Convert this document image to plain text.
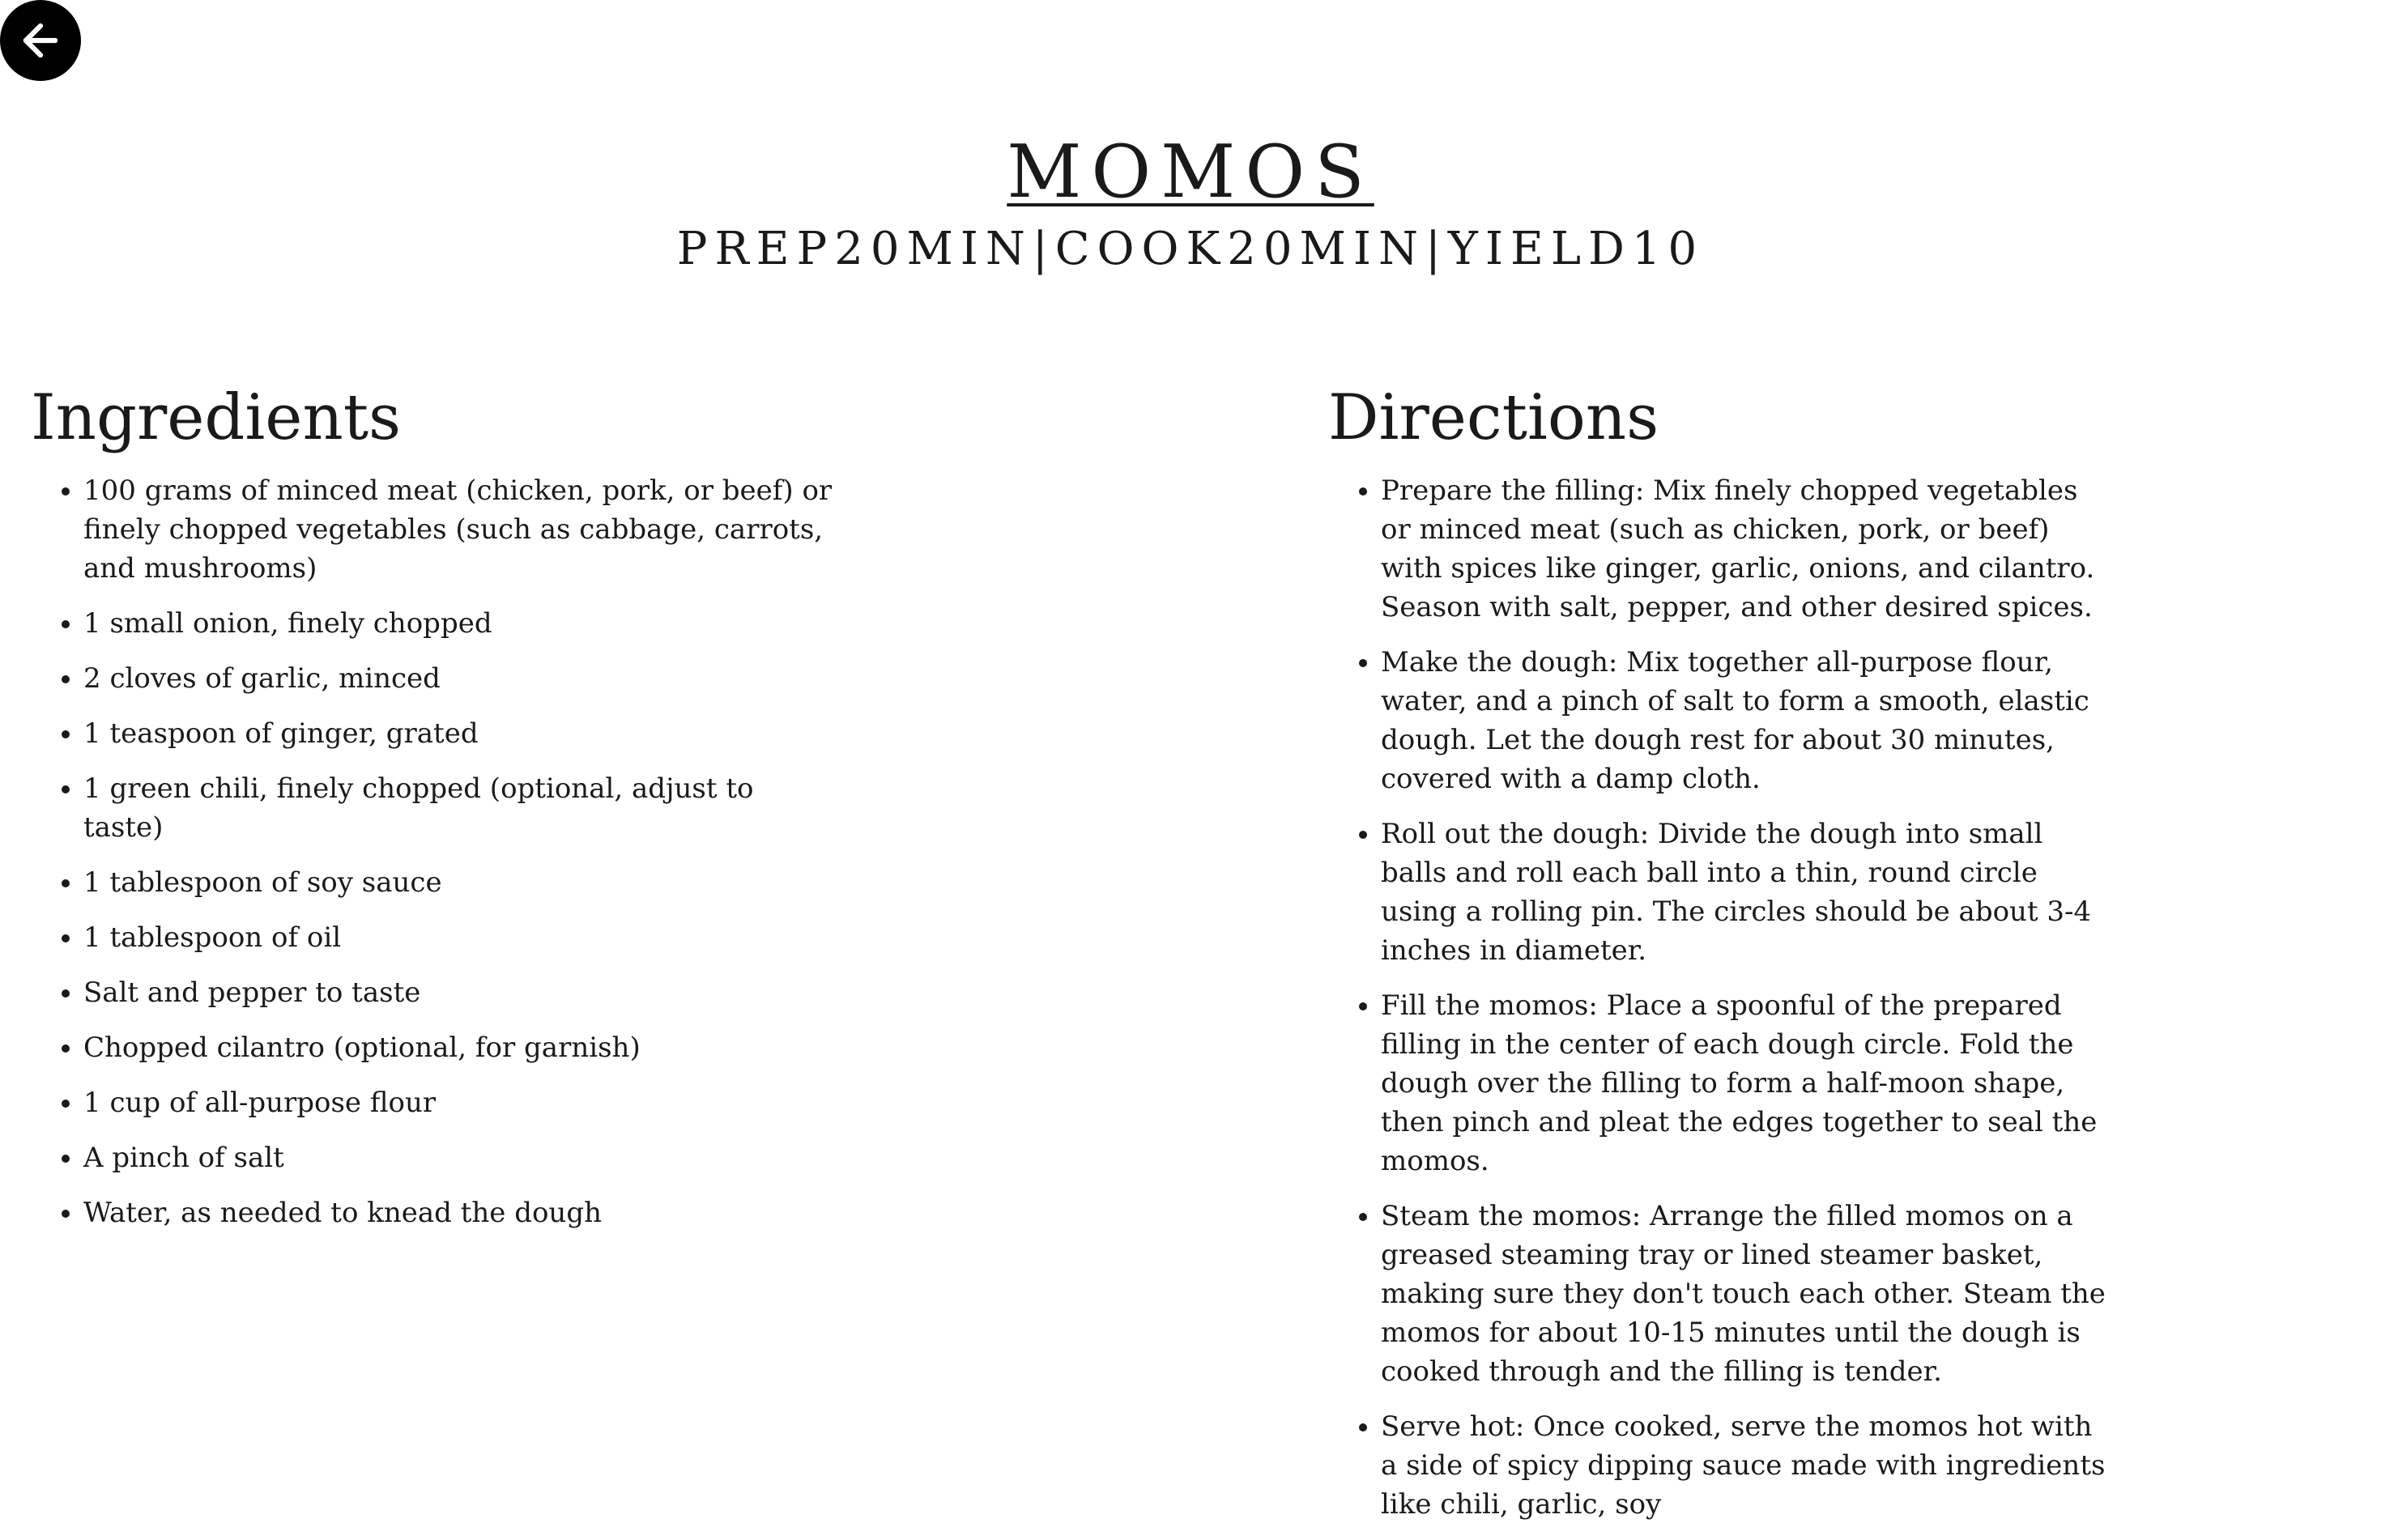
MOMOS

PREP20MIN|COOK20MIN|YIELD10

Ingredients
• 100 grams of minced meat (chicken, pork, or beef) or finely chopped vegetables (such as cabbage, carrots, and mushrooms)
• 1 small onion, finely chopped
• 2 cloves of garlic, minced
• 1 teaspoon of ginger, grated
• 1 green chili, finely chopped (optional, adjust to taste)
• 1 tablespoon of soy sauce
• 1 tablespoon of oil
• Salt and pepper to taste
• Chopped cilantro (optional, for garnish)
• 1 cup of all-purpose flour
• A pinch of salt
• Water, as needed to knead the dough
Directions
• Prepare the filling: Mix finely chopped vegetables or minced meat (such as chicken, pork, or beef) with spices like ginger, garlic, onions, and cilantro. Season with salt, pepper, and other desired spices.
• Make the dough: Mix together all-purpose flour, water, and a pinch of salt to form a smooth, elastic dough. Let the dough rest for about 30 minutes, covered with a damp cloth.
• Roll out the dough: Divide the dough into small balls and roll each ball into a thin, round circle using a rolling pin. The circles should be about 3-4 inches in diameter.
• Fill the momos: Place a spoonful of the prepared filling in the center of each dough circle. Fold the dough over the filling to form a half-moon shape, then pinch and pleat the edges together to seal the momos.
• Steam the momos: Arrange the filled momos on a greased steaming tray or lined steamer basket, making sure they don't touch each other. Steam the momos for about 10-15 minutes until the dough is cooked through and the filling is tender.
• Serve hot: Once cooked, serve the momos hot with a side of spicy dipping sauce made with ingredients like chili, garlic, soy
